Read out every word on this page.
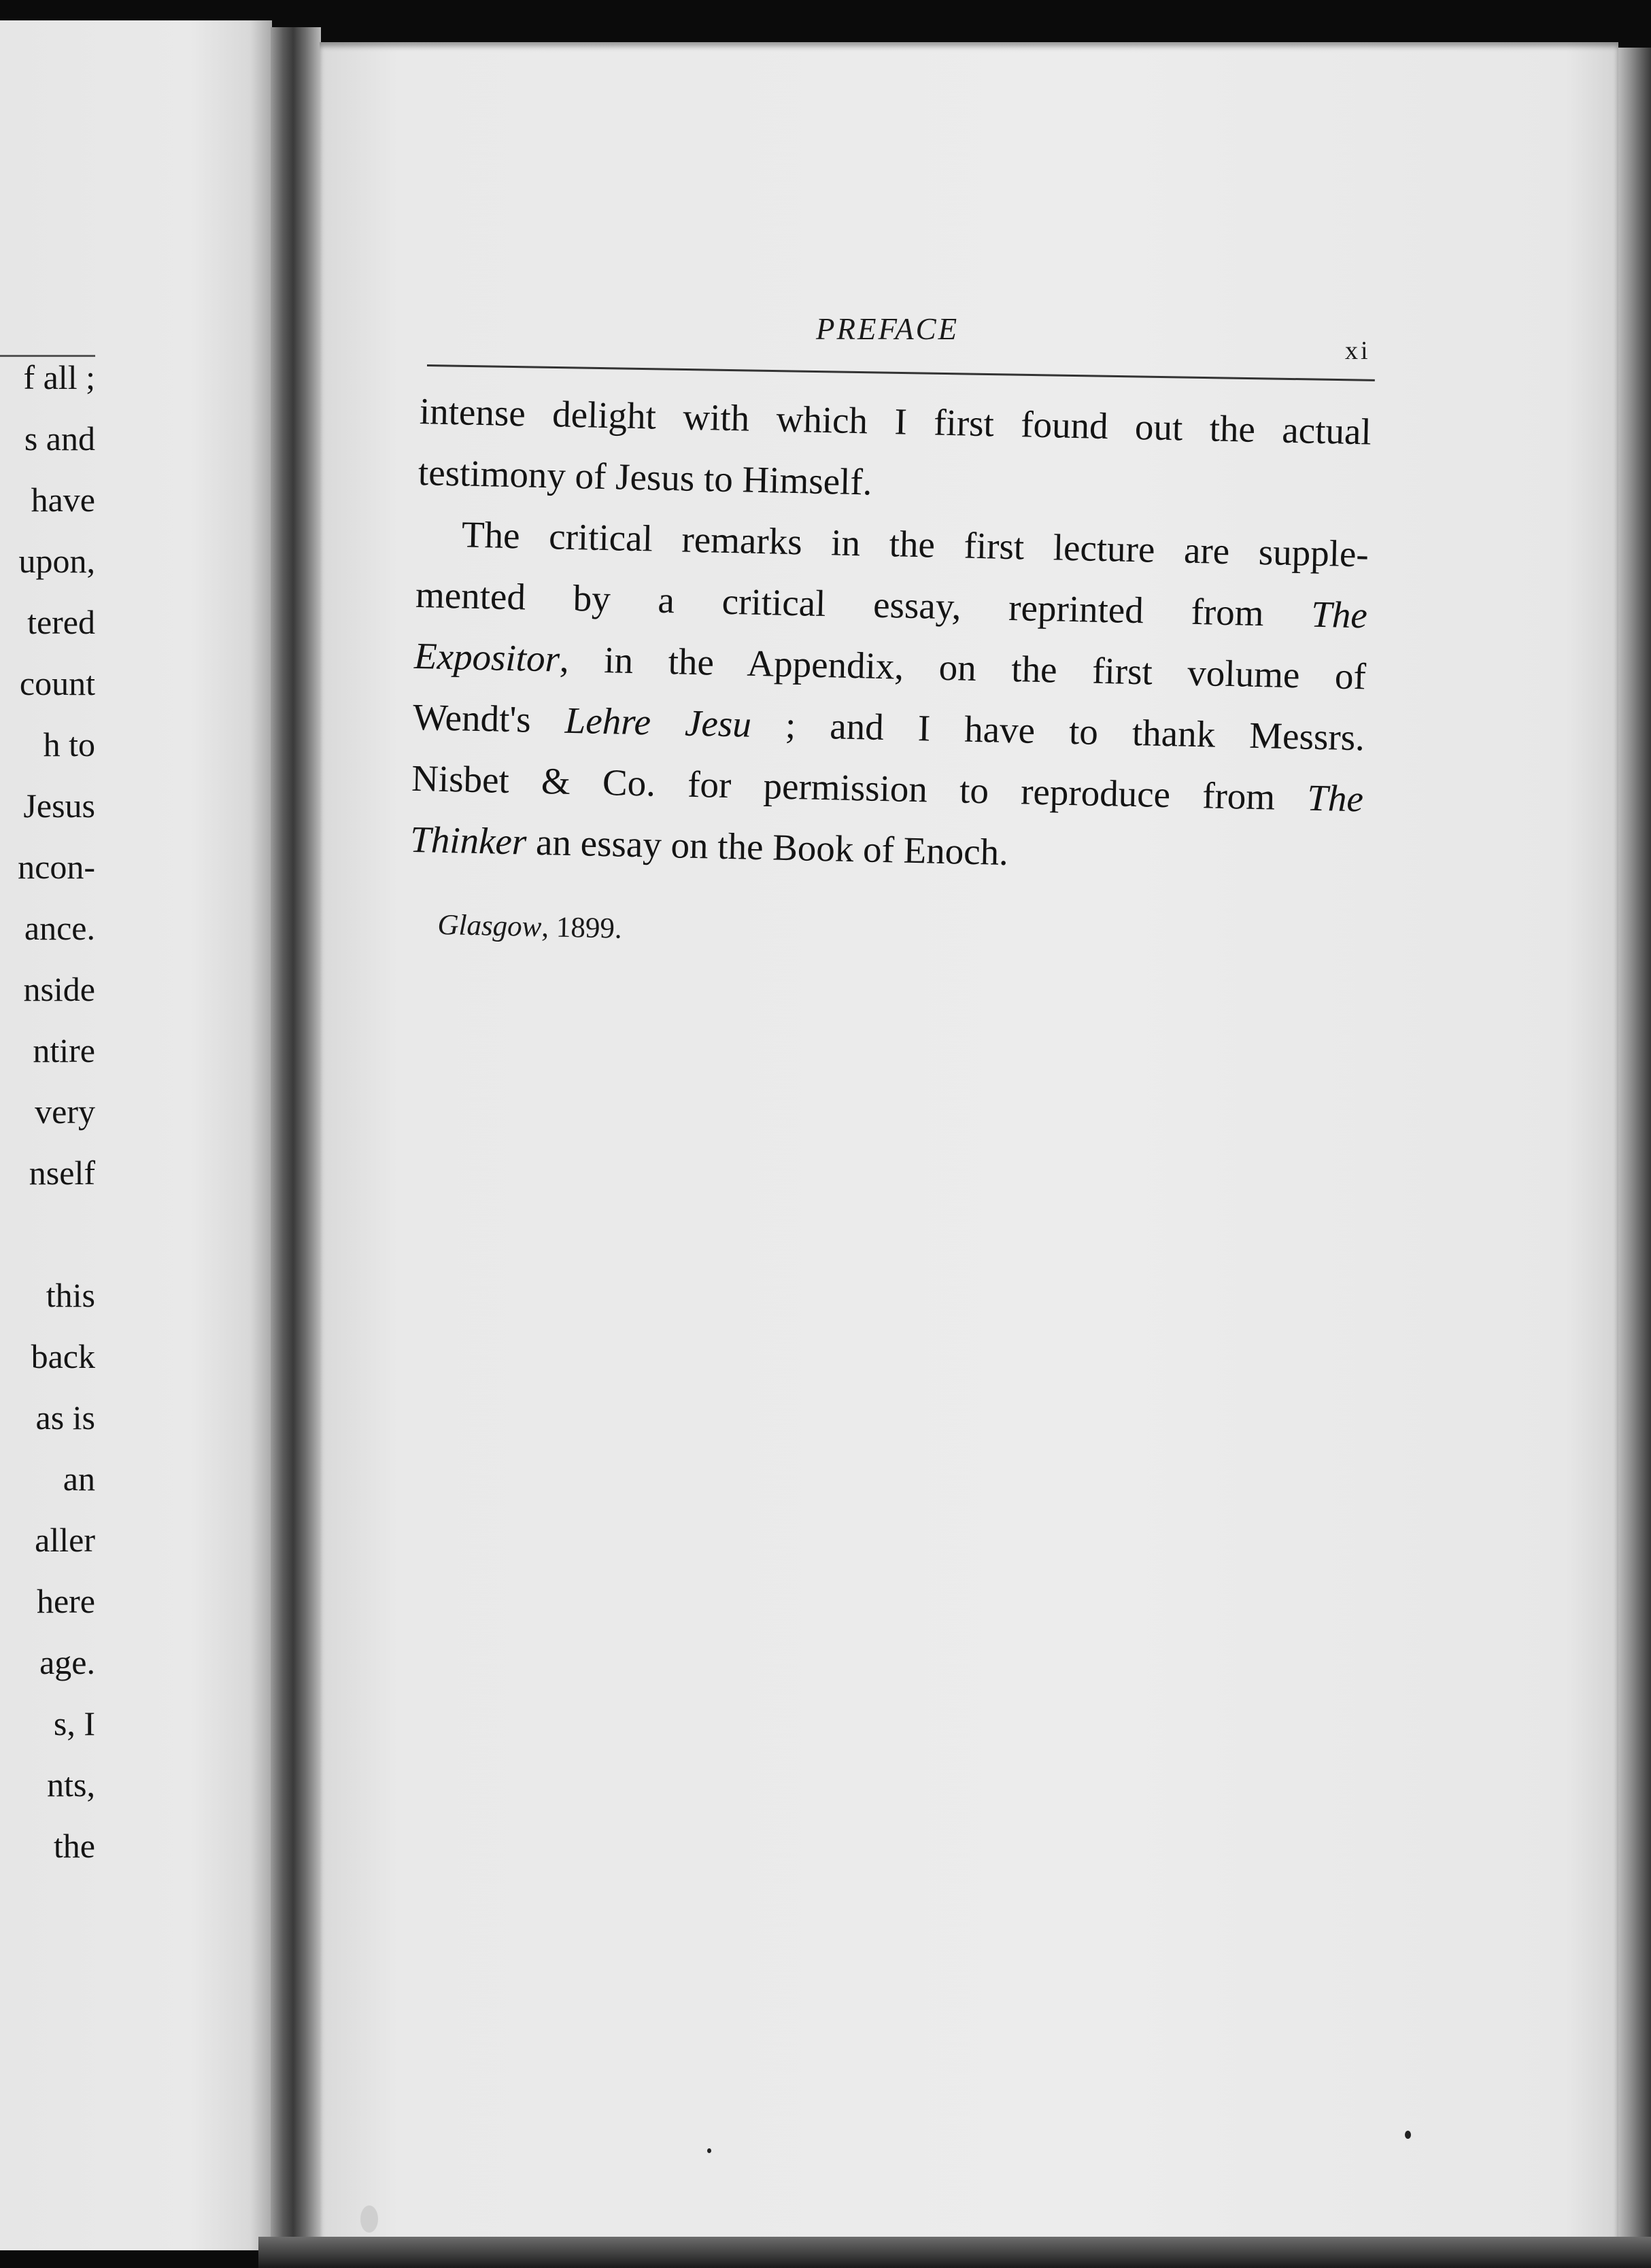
f all ;
s and
have
upon,
tered
count
h to
Jesus
ncon-
ance.
nside
ntire
very
nself
this
back
as is
an
aller
here
age.
s, I
nts,
the
PREFACE
xi
intense delight with which I first found out the actual
testimony of Jesus to Himself.
The critical remarks in the first lecture are supple-
mented by a critical essay, reprinted from The
Expositor, in the Appendix, on the first volume of
Wendt's Lehre Jesu ; and I have to thank Messrs.
Nisbet & Co. for permission to reproduce from The
Thinker an essay on the Book of Enoch.
Glasgow, 1899.
